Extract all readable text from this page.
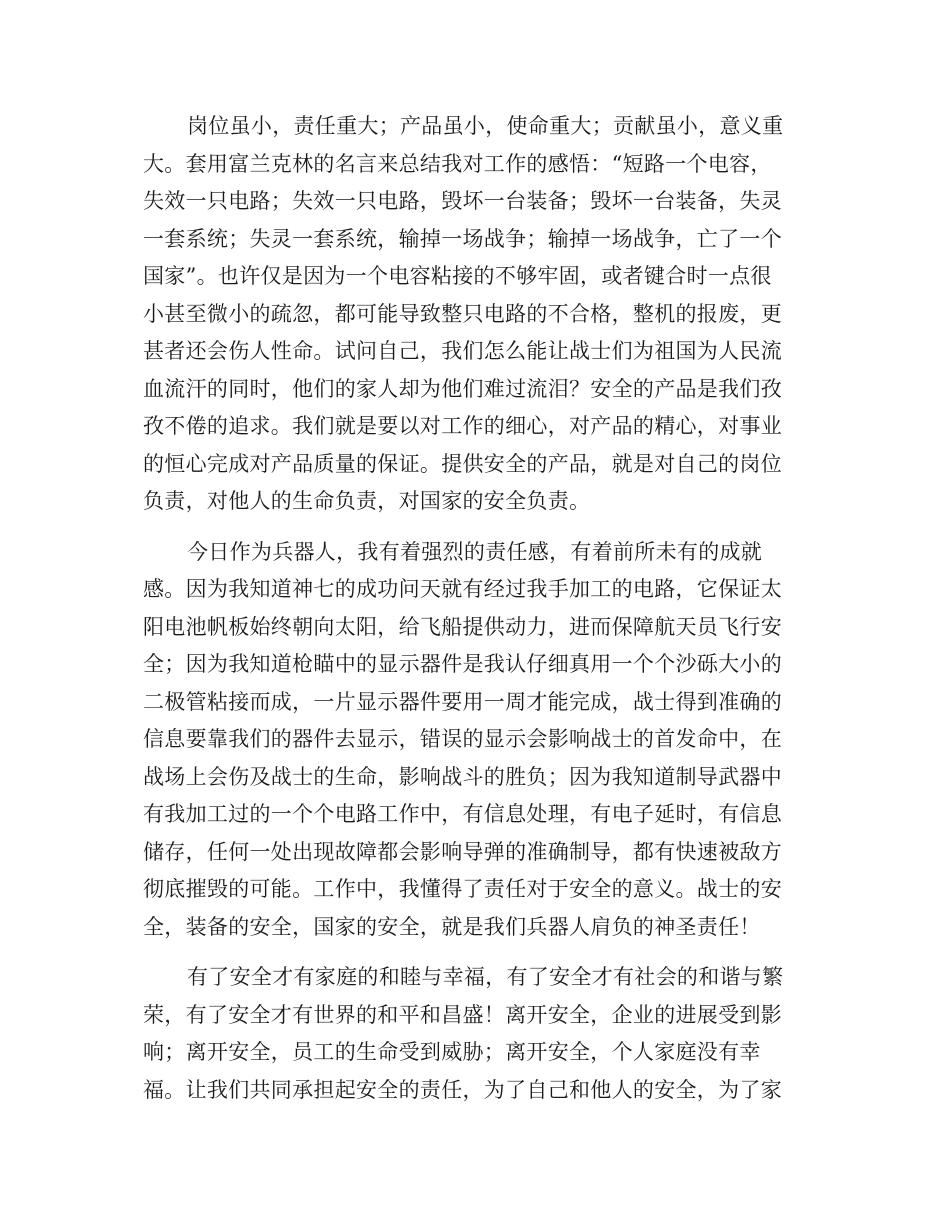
岗位虽小，责任重大；产品虽小，使命重大；贡献虽小，意义重
大。套用富兰克林的名言来总结我对工作的感悟：“短路一个电容，
失效一只电路；失效一只电路，毁坏一台装备；毁坏一台装备，失灵
一套系统；失灵一套系统，输掉一场战争；输掉一场战争，亡了一个
国家”。也许仅是因为一个电容粘接的不够牢固，或者键合时一点很
小甚至微小的疏忽，都可能导致整只电路的不合格，整机的报废，更
甚者还会伤人性命。试问自己，我们怎么能让战士们为祖国为人民流
血流汗的同时，他们的家人却为他们难过流泪？安全的产品是我们孜
孜不倦的追求。我们就是要以对工作的细心，对产品的精心，对事业
的恒心完成对产品质量的保证。提供安全的产品，就是对自己的岗位
负责，对他人的生命负责，对国家的安全负责。
今日作为兵器人，我有着强烈的责任感，有着前所未有的成就
感。因为我知道神七的成功问天就有经过我手加工的电路，它保证太
阳电池帆板始终朝向太阳，给飞船提供动力，进而保障航天员飞行安
全；因为我知道枪瞄中的显示器件是我认仔细真用一个个沙砾大小的
二极管粘接而成，一片显示器件要用一周才能完成，战士得到准确的
信息要靠我们的器件去显示，错误的显示会影响战士的首发命中，在
战场上会伤及战士的生命，影响战斗的胜负；因为我知道制导武器中
有我加工过的一个个电路工作中，有信息处理，有电子延时，有信息
储存，任何一处出现故障都会影响导弹的准确制导，都有快速被敌方
彻底摧毁的可能。工作中，我懂得了责任对于安全的意义。战士的安
全，装备的安全，国家的安全，就是我们兵器人肩负的神圣责任！
有了安全才有家庭的和睦与幸福，有了安全才有社会的和谐与繁
荣，有了安全才有世界的和平和昌盛！离开安全，企业的进展受到影
响；离开安全，员工的生命受到威胁；离开安全，个人家庭没有幸
福。让我们共同承担起安全的责任，为了自己和他人的安全，为了家
